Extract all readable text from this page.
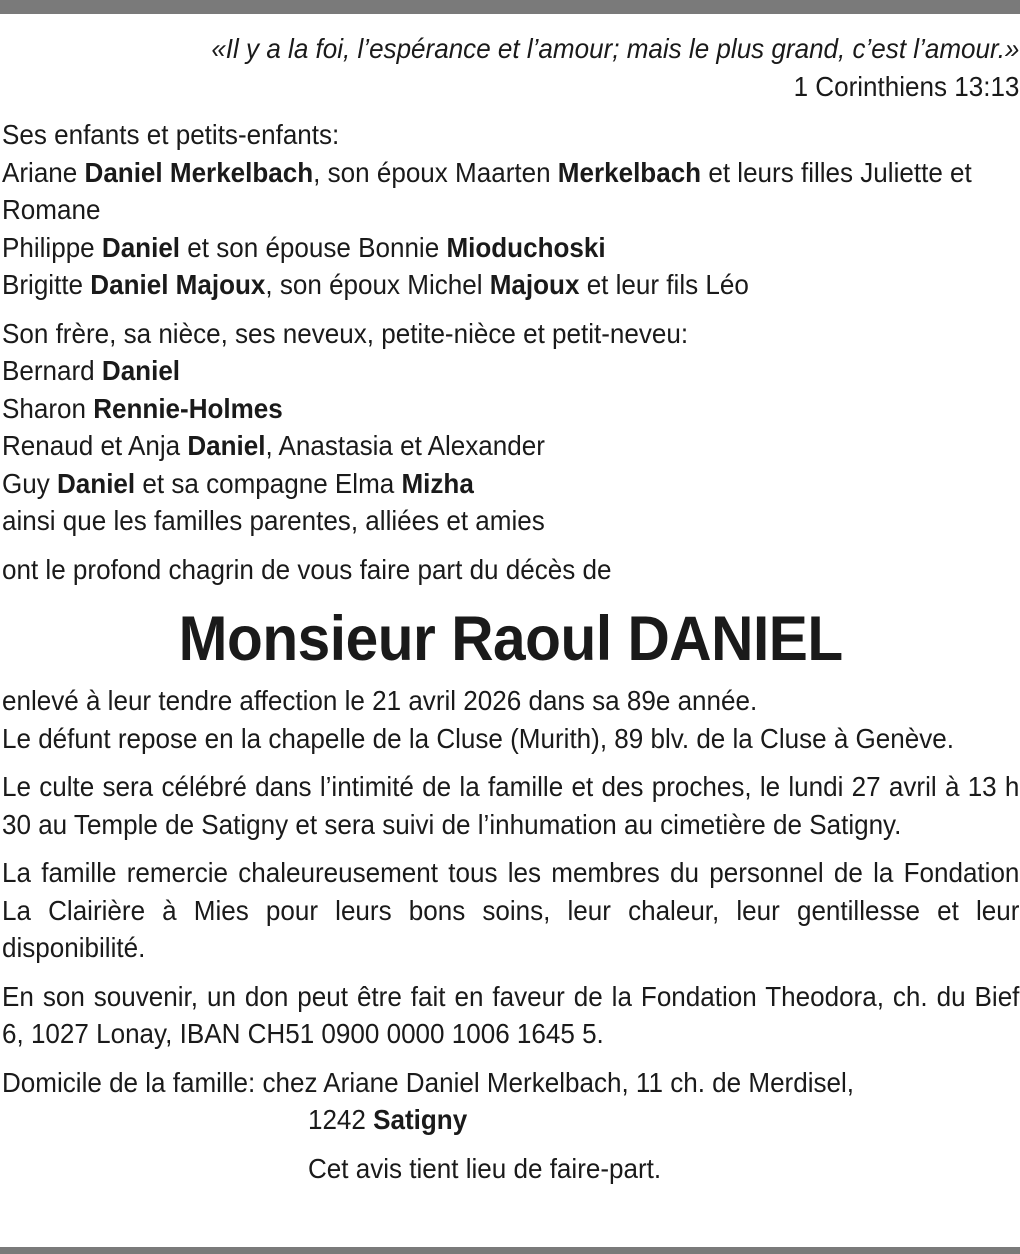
«Il y a la foi, l’espérance et l’amour; mais le plus grand, c’est l’amour.»

1 Corinthiens 13:13

Ses enfants et petits-enfants:

Ariane Daniel Merkelbach, son époux Maarten Merkelbach et leurs filles Juliette et Romane

Philippe Daniel et son épouse Bonnie Mioduchoski

Brigitte Daniel Majoux, son époux Michel Majoux et leur fils Léo

Son frère, sa nièce, ses neveux, petite-nièce et petit-neveu:

Bernard Daniel

Sharon Rennie-Holmes

Renaud et Anja Daniel, Anastasia et Alexander

Guy Daniel et sa compagne Elma Mizha

ainsi que les familles parentes, alliées et amies

ont le profond chagrin de vous faire part du décès de

Monsieur Raoul DANIEL

enlevé à leur tendre affection le 21 avril 2026 dans sa 89e année.

Le défunt repose en la chapelle de la Cluse (Murith), 89 blv. de la Cluse à Genève.

Le culte sera célébré dans l’intimité de la famille et des proches, le lundi 27 avril à 13 h 30 au Temple de Satigny et sera suivi de l’inhumation au cimetière de Satigny.

La famille remercie chaleureusement tous les membres du personnel de la Fondation La Clairière à Mies pour leurs bons soins, leur chaleur, leur gentillesse et leur disponibilité.

En son souvenir, un don peut être fait en faveur de la Fondation Theodora, ch. du Bief 6, 1027 Lonay, IBAN CH51 0900 0000 1006 1645 5.

Domicile de la famille: chez Ariane Daniel Merkelbach, 11 ch. de Merdisel,

1242 Satigny

Cet avis tient lieu de faire-part.
